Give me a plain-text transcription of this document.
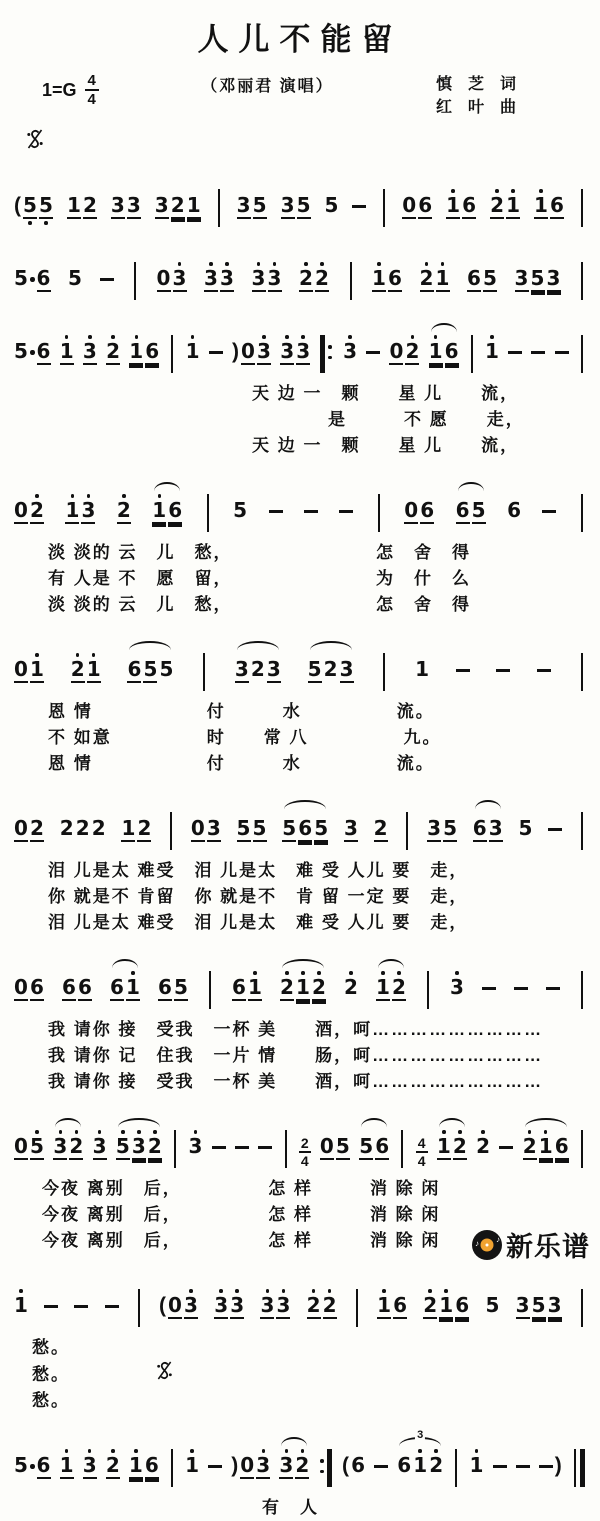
人儿不能留
$1=G \frac{4}{4}$	（邓丽君 演唱）	慎　芝　词
红　叶　曲
( 5 5 1 2 3 3 3 2 1 3 5 3 5 5	0 6 1 6 2 1 1 6
5 6 5	0 3 3 3 3 3 2 2 1 6 2 1 6 5 3 5 3
5 6 1 3 2 1 6 1 ) 0 3 3 3 3 0 2 1 6 1
天 边 一　颗　　星 儿　　流，
　　　　是　　　不 愿　　走，
天 边 一　颗　　星 儿　　流，
0 2 1 3 2 1 6	5	0 6 6 5 6
淡 淡的 云　儿　愁，　　　　　　　　怎　舍　得
有 人是 不　愿　留，　　　　　　　　为　什　么
淡 淡的 云　儿　愁，　　　　　　　　怎　舍　得
0 1 2 1 6 5 5	3 2 3 5 2 3	1
恩 情　　　　　　付　　　水　　　　　流。
不 如意　　　　　时　　常 八　　　　　九。
恩 情　　　　　　付　　　水　　　　　流。
0 2 2 2 2 1 2 0 3 5 5 5 6 5 3 2 3 5 6 3 5
泪 儿是太 难受　泪 儿是太　难 受 人儿 要　走，
你 就是不 肯留　你 就是不　肯 留 一定 要　走，
泪 儿是太 难受　泪 儿是太　难 受 人儿 要　走，
0 6 6 6 6 1 6 5 6 1 2 1 2 2 1 2 3
我 请你 接　受我　一杯 美　　酒，呵………………………
我 请你 记　住我　一片 情　　肠，呵………………………
我 请你 接　受我　一杯 美　　酒，呵………………………
0 5 3 2 3 5 3 2 3	2
4
0 5 5 6 4
4
1 2 2 2 1 6
今夜 离别　后，　　　　　怎 样　　　消 除 闲
今夜 离别　后，　　　　　怎 样　　　消 除 闲
今夜 离别　后，　　　　　怎 样　　　消 除 闲
1	( 0 3 3 3 3 3 2 2 1 6 2 1 6 5 3 5 3
愁。
愁。
愁。
5 6 1 3 2 1 6 1 ) 0 3 3 2 ( 6
3
6 1 2 1	)
有　人
♪ ♪ 新乐谱
